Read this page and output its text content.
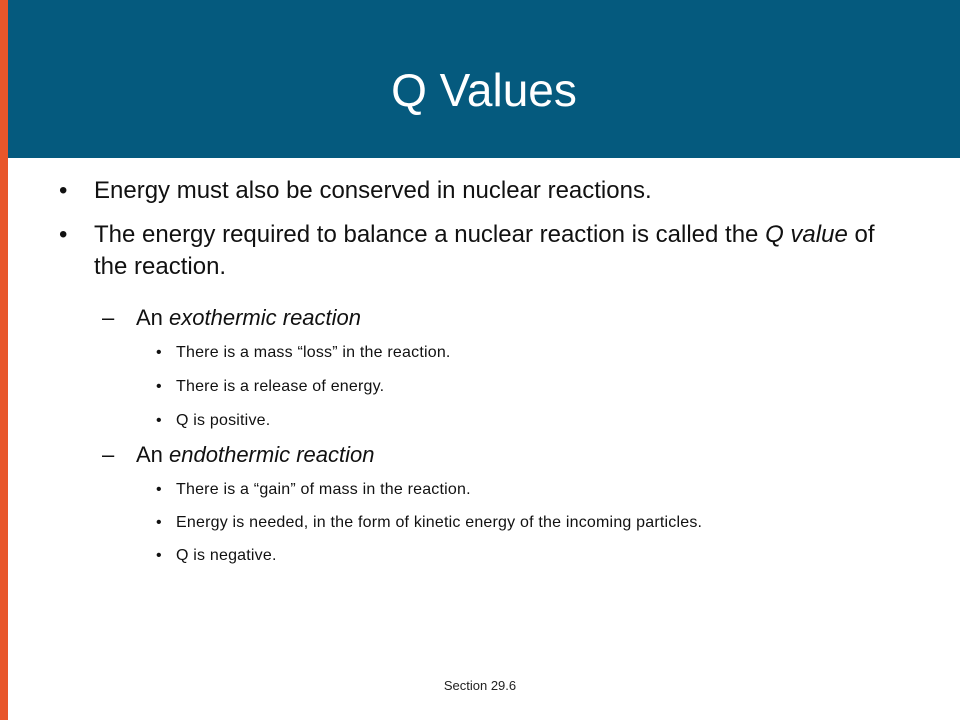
Q Values

• Energy must also be conserved in nuclear reactions.

• The energy required to balance a nuclear reaction is called the Q value of the reaction.

– An exothermic reaction

• There is a mass “loss” in the reaction.

• There is a release of energy.

• Q is positive.

– An endothermic reaction

• There is a “gain” of mass in the reaction.

• Energy is needed, in the form of kinetic energy of the incoming particles.

• Q is negative.

Section 29.6
